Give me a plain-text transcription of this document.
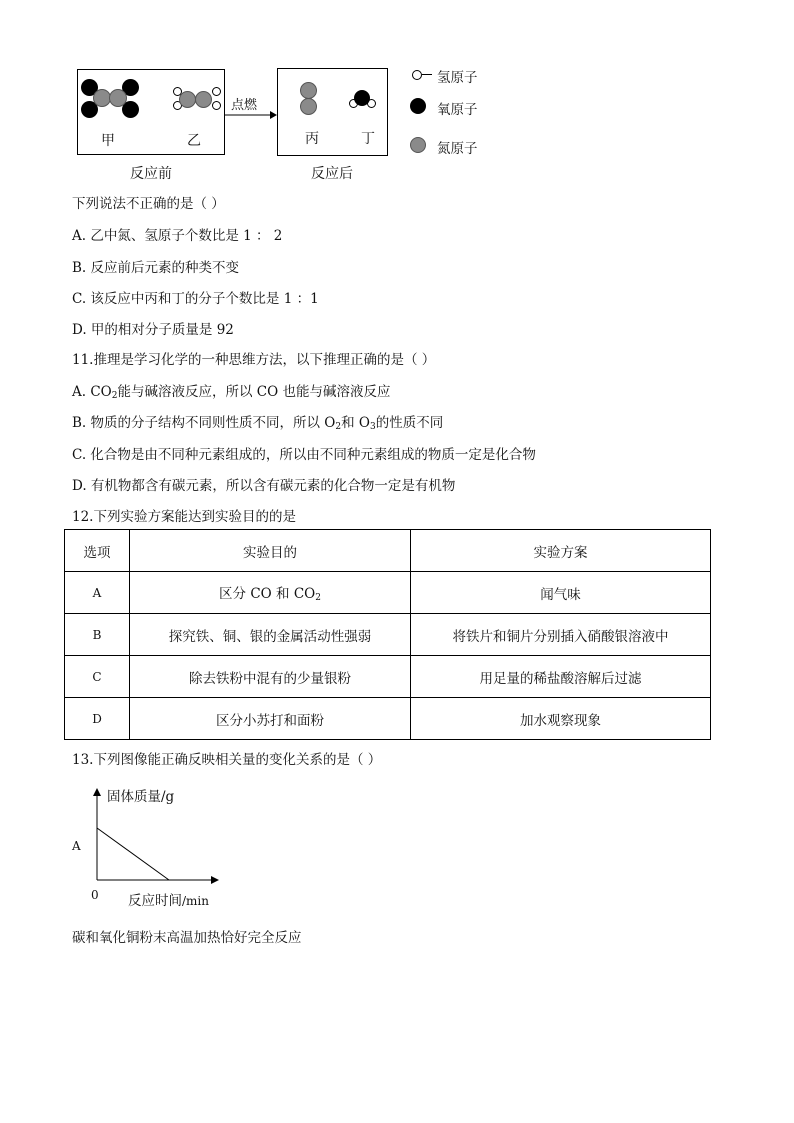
甲	乙
反应前
点燃
丙	丁
反应后
氢原子
氧原子
氮原子
下列说法不正确的是（ ）
A. 乙中氮、氢原子个数比是 1 ： 2
B. 反应前后元素的种类不变
C. 该反应中丙和丁的分子个数比是 1 ：1
D. 甲的相对分子质量是 92
11.推理是学习化学的一种思维方法，以下推理正确的是（ ）
A. $CO_2$能与碱溶液反应，所以 CO 也能与碱溶液反应
B. 物质的分子结构不同则性质不同，所以 $O_2$和 $O_3$的性质不同
C. 化合物是由不同种元素组成的，所以由不同种元素组成的物质一定是化合物
D. 有机物都含有碳元素，所以含有碳元素的化合物一定是有机物
12.下列实验方案能达到实验目的的是
选项	实验目的	实验方案
A	区分 CO 和 $CO_2$	闻气味
B	探究铁、铜、银的金属活动性强弱	将铁片和铜片分别插入硝酸银溶液中
C	除去铁粉中混有的少量银粉	用足量的稀盐酸溶解后过滤
D	区分小苏打和面粉	加水观察现象
13.下列图像能正确反映相关量的变化关系的是（ ）
A
固体质量/g
0 反应时间/min
碳和氧化铜粉末高温加热恰好完全反应
